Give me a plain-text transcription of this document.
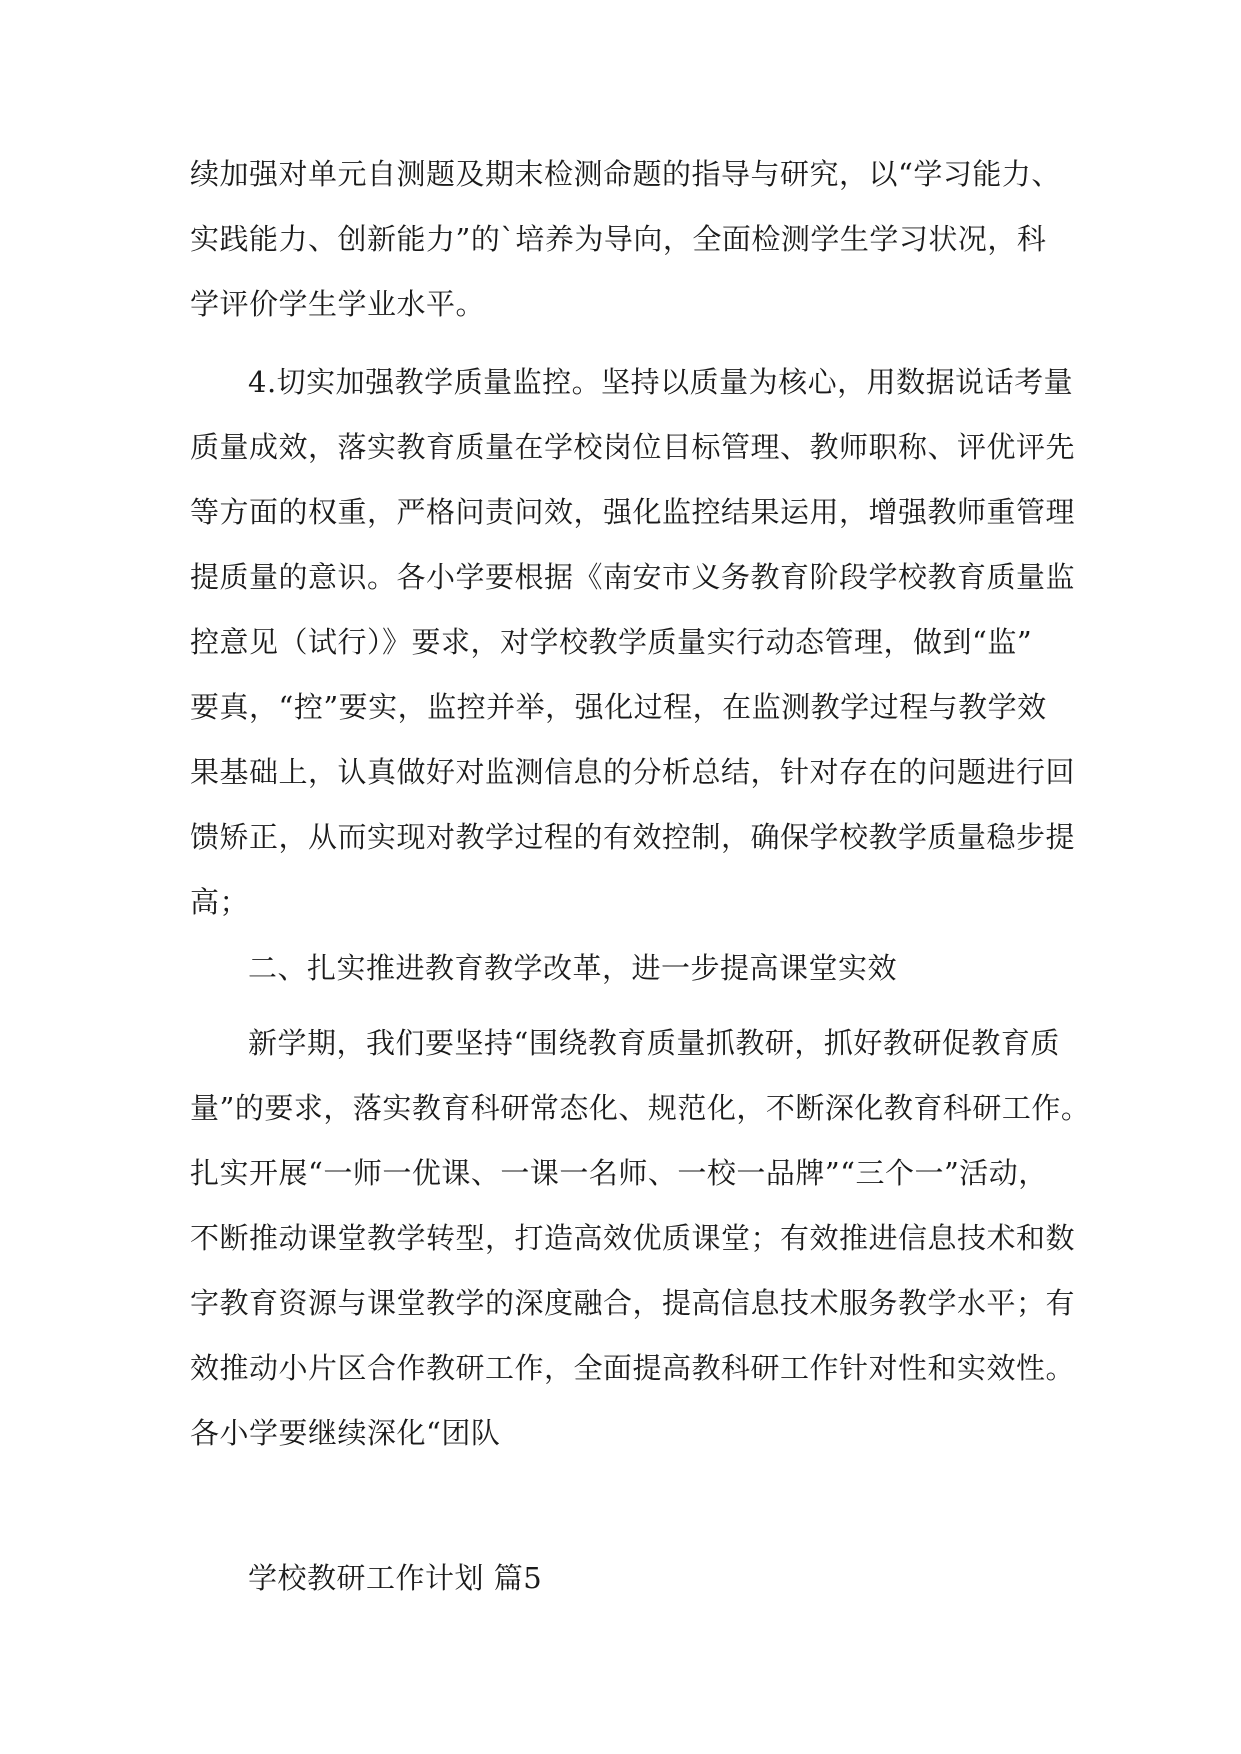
续加强对单元自测题及期末检测命题的指导与研究，以“学习能力、
实践能力、创新能力”的`培养为导向，全面检测学生学习状况，科
学评价学生学业水平。
4.切实加强教学质量监控。坚持以质量为核心，用数据说话考量
质量成效，落实教育质量在学校岗位目标管理、教师职称、评优评先
等方面的权重，严格问责问效，强化监控结果运用，增强教师重管理
提质量的意识。各小学要根据《南安市义务教育阶段学校教育质量监
控意见（试行）》要求，对学校教学质量实行动态管理，做到“监”
要真，“控”要实，监控并举，强化过程，在监测教学过程与教学效
果基础上，认真做好对监测信息的分析总结，针对存在的问题进行回
馈矫正，从而实现对教学过程的有效控制，确保学校教学质量稳步提
高；
二、扎实推进教育教学改革，进一步提高课堂实效
新学期，我们要坚持“围绕教育质量抓教研，抓好教研促教育质
量”的要求，落实教育科研常态化、规范化，不断深化教育科研工作。
扎实开展“一师一优课、一课一名师、一校一品牌”“三个一”活动，
不断推动课堂教学转型，打造高效优质课堂；有效推进信息技术和数
字教育资源与课堂教学的深度融合，提高信息技术服务教学水平；有
效推动小片区合作教研工作，全面提高教科研工作针对性和实效性。
各小学要继续深化“团队
学校教研工作计划 篇5
